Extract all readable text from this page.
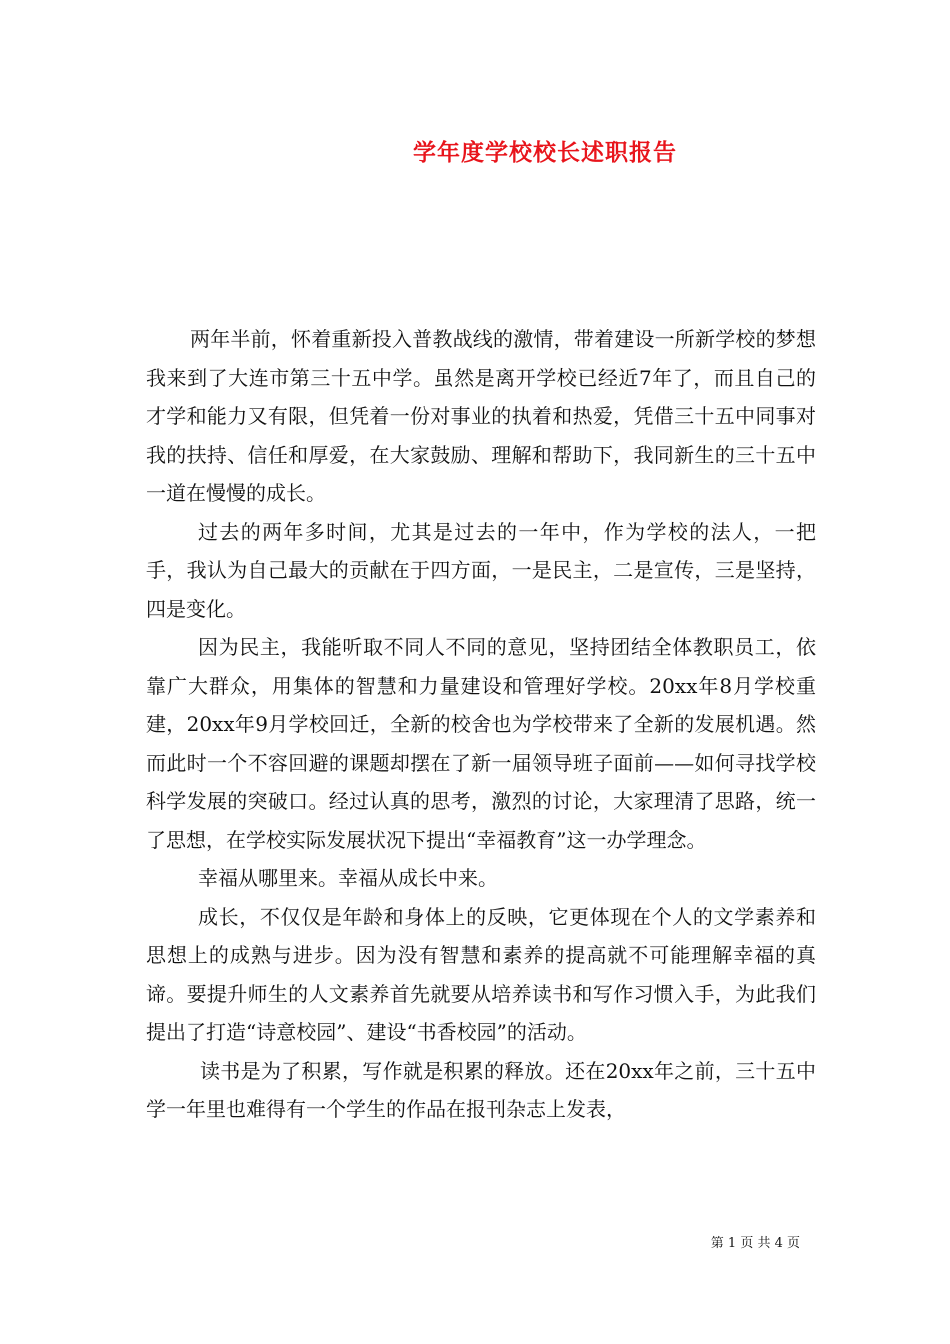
学年度学校校长述职报告

两年半前，怀着重新投入普教战线的激情，带着建设一所新学校的梦想我来到了大连市第三十五中学。虽然是离开学校已经近7年了，而且自己的才学和能力又有限，但凭着一份对事业的执着和热爱，凭借三十五中同事对我的扶持、信任和厚爱，在大家鼓励、理解和帮助下，我同新生的三十五中一道在慢慢的成长。

过去的两年多时间，尤其是过去的一年中，作为学校的法人，一把手，我认为自己最大的贡献在于四方面，一是民主，二是宣传，三是坚持，四是变化。

因为民主，我能听取不同人不同的意见，坚持团结全体教职员工，依靠广大群众，用集体的智慧和力量建设和管理好学校。20xx年8月学校重建，20xx年9月学校回迁，全新的校舍也为学校带来了全新的发展机遇。然而此时一个不容回避的课题却摆在了新一届领导班子面前——如何寻找学校科学发展的突破口。经过认真的思考，激烈的讨论，大家理清了思路，统一了思想，在学校实际发展状况下提出“幸福教育”这一办学理念。

幸福从哪里来。幸福从成长中来。

成长，不仅仅是年龄和身体上的反映，它更体现在个人的文学素养和思想上的成熟与进步。因为没有智慧和素养的提高就不可能理解幸福的真谛。要提升师生的人文素养首先就要从培养读书和写作习惯入手，为此我们提出了打造“诗意校园”、建设“书香校园”的活动。

读书是为了积累，写作就是积累的释放。还在20xx年之前，三十五中学一年里也难得有一个学生的作品在报刊杂志上发表，

第 1 页 共 4 页
